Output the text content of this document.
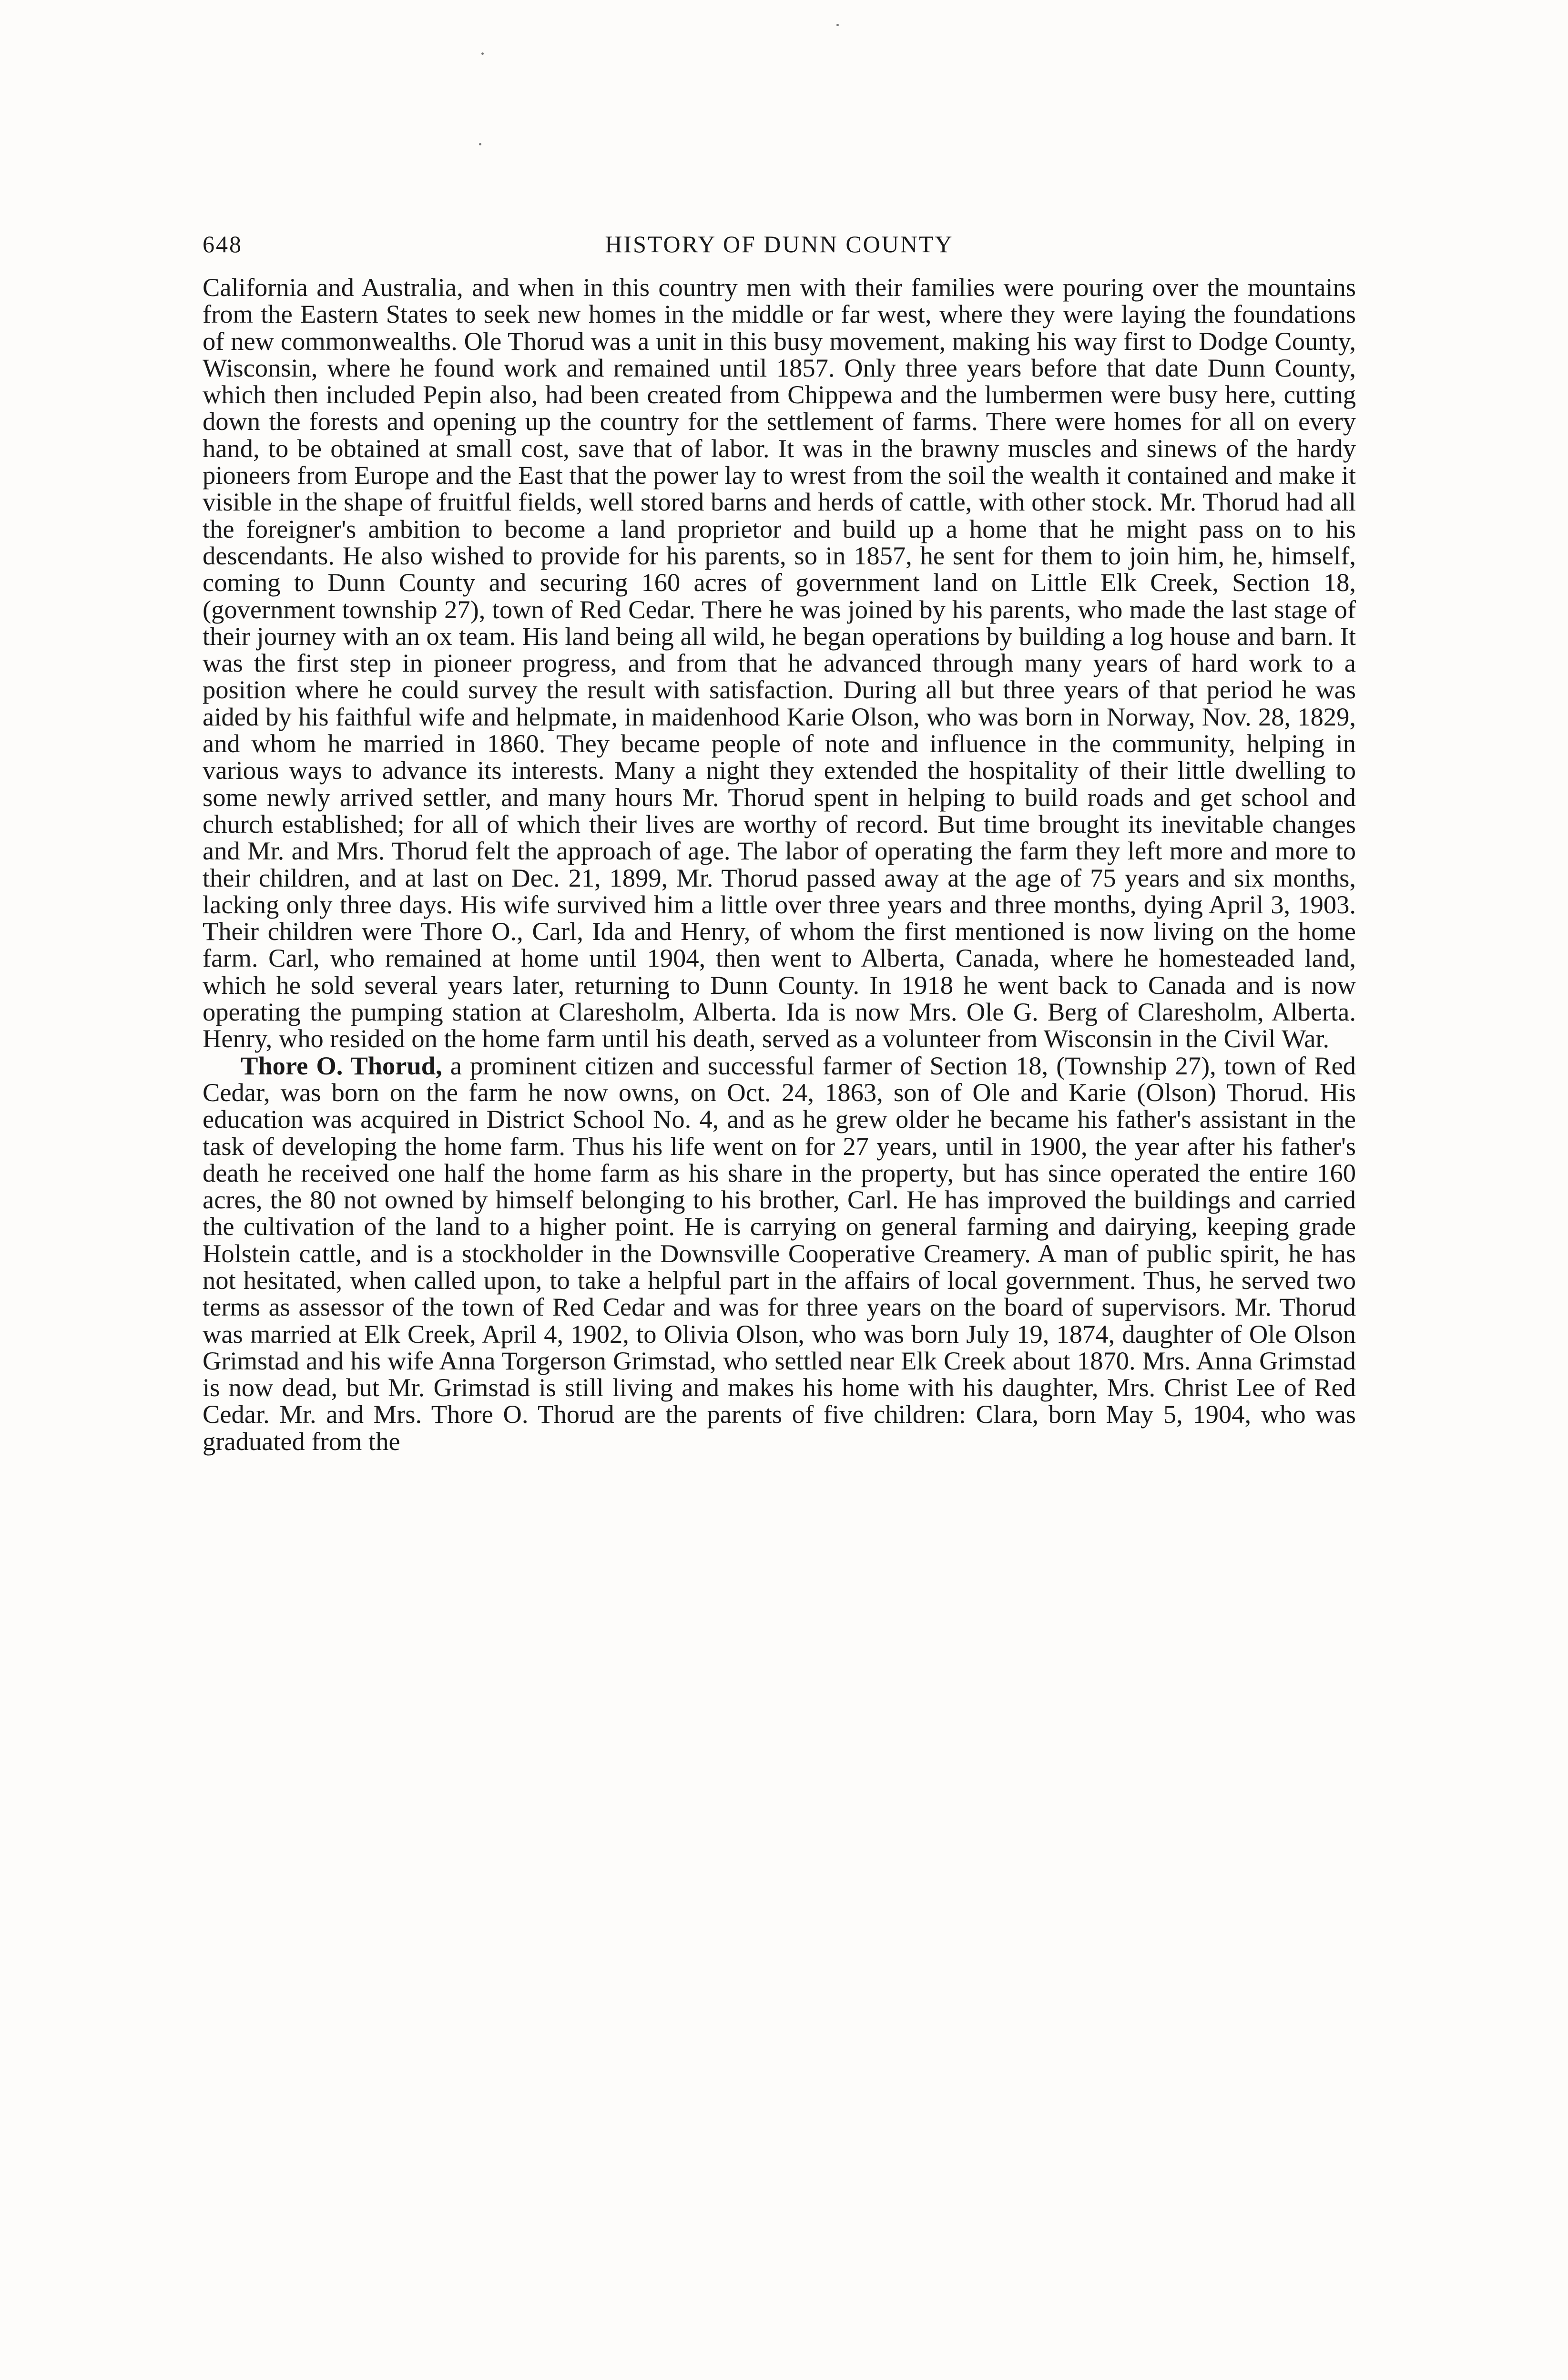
648	HISTORY OF DUNN COUNTY

California and Australia, and when in this country men with their families were pouring over the mountains from the Eastern States to seek new homes in the middle or far west, where they were laying the foundations of new commonwealths. Ole Thorud was a unit in this busy movement, making his way first to Dodge County, Wisconsin, where he found work and remained until 1857. Only three years before that date Dunn County, which then included Pepin also, had been created from Chippewa and the lumbermen were busy here, cutting down the forests and opening up the country for the settlement of farms. There were homes for all on every hand, to be obtained at small cost, save that of labor. It was in the brawny muscles and sinews of the hardy pioneers from Europe and the East that the power lay to wrest from the soil the wealth it contained and make it visible in the shape of fruitful fields, well stored barns and herds of cattle, with other stock. Mr. Thorud had all the foreigner's ambition to become a land proprietor and build up a home that he might pass on to his descendants. He also wished to provide for his parents, so in 1857, he sent for them to join him, he, himself, coming to Dunn County and securing 160 acres of government land on Little Elk Creek, Section 18, (government township 27), town of Red Cedar. There he was joined by his parents, who made the last stage of their journey with an ox team. His land being all wild, he began operations by building a log house and barn. It was the first step in pioneer progress, and from that he advanced through many years of hard work to a position where he could survey the result with satisfaction. During all but three years of that period he was aided by his faithful wife and helpmate, in maidenhood Karie Olson, who was born in Norway, Nov. 28, 1829, and whom he married in 1860. They became people of note and influence in the community, helping in various ways to advance its interests. Many a night they extended the hospitality of their little dwelling to some newly arrived settler, and many hours Mr. Thorud spent in helping to build roads and get school and church established; for all of which their lives are worthy of record. But time brought its inevitable changes and Mr. and Mrs. Thorud felt the approach of age. The labor of operating the farm they left more and more to their children, and at last on Dec. 21, 1899, Mr. Thorud passed away at the age of 75 years and six months, lacking only three days. His wife survived him a little over three years and three months, dying April 3, 1903. Their children were Thore O., Carl, Ida and Henry, of whom the first mentioned is now living on the home farm. Carl, who remained at home until 1904, then went to Alberta, Canada, where he homesteaded land, which he sold several years later, returning to Dunn County. In 1918 he went back to Canada and is now operating the pumping station at Claresholm, Alberta. Ida is now Mrs. Ole G. Berg of Claresholm, Alberta. Henry, who resided on the home farm until his death, served as a volunteer from Wisconsin in the Civil War.

Thore O. Thorud, a prominent citizen and successful farmer of Section 18, (Township 27), town of Red Cedar, was born on the farm he now owns, on Oct. 24, 1863, son of Ole and Karie (Olson) Thorud. His education was acquired in District School No. 4, and as he grew older he became his father's assistant in the task of developing the home farm. Thus his life went on for 27 years, until in 1900, the year after his father's death he received one half the home farm as his share in the property, but has since operated the entire 160 acres, the 80 not owned by himself belonging to his brother, Carl. He has improved the buildings and carried the cultivation of the land to a higher point. He is carrying on general farming and dairying, keeping grade Holstein cattle, and is a stockholder in the Downsville Cooperative Creamery. A man of public spirit, he has not hesitated, when called upon, to take a helpful part in the affairs of local government. Thus, he served two terms as assessor of the town of Red Cedar and was for three years on the board of supervisors. Mr. Thorud was married at Elk Creek, April 4, 1902, to Olivia Olson, who was born July 19, 1874, daughter of Ole Olson Grimstad and his wife Anna Torgerson Grimstad, who settled near Elk Creek about 1870. Mrs. Anna Grimstad is now dead, but Mr. Grimstad is still living and makes his home with his daughter, Mrs. Christ Lee of Red Cedar. Mr. and Mrs. Thore O. Thorud are the parents of five children: Clara, born May 5, 1904, who was graduated from the
